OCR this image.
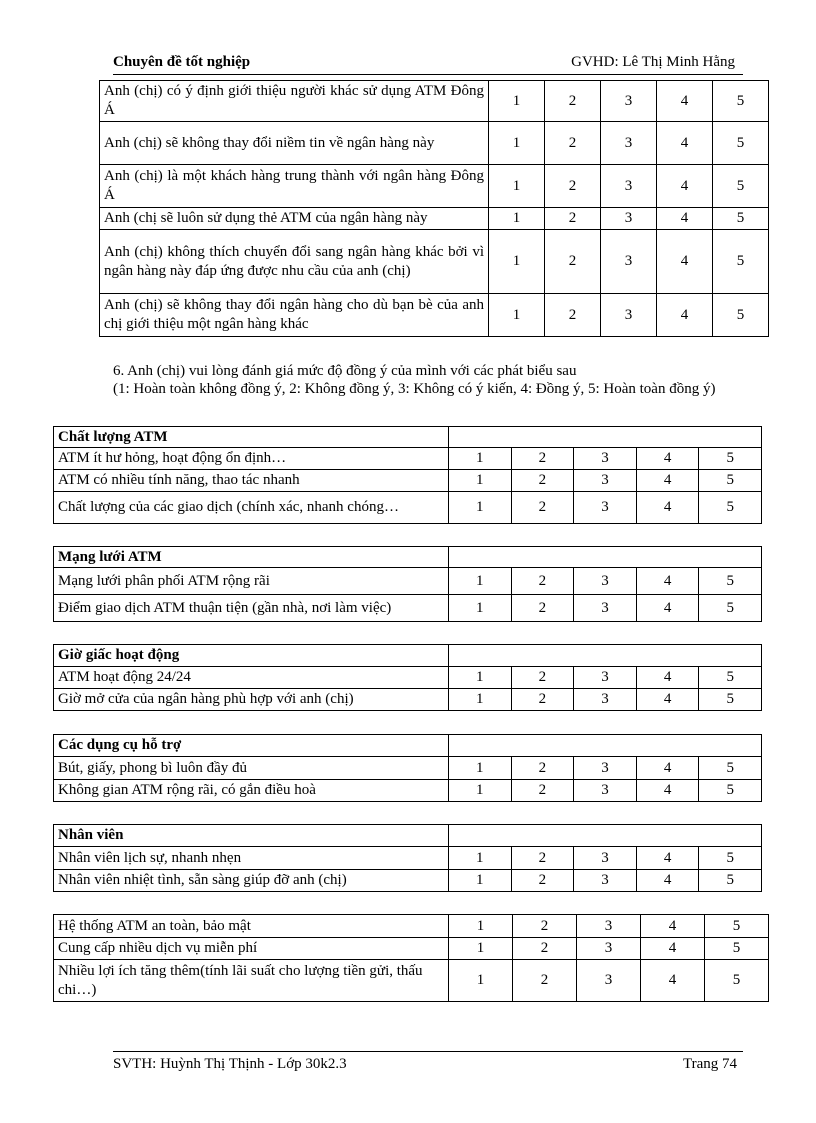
Chuyên đề tốt nghiệp	GVHD: Lê Thị Minh Hằng
Anh (chị) có ý định giới thiệu người khác sử dụng ATM Đông Á	1	2	3	4	5
Anh (chị) sẽ không thay đổi niềm tin về ngân hàng này	1	2	3	4	5
Anh (chị) là một khách hàng trung thành với ngân hàng Đông Á	1	2	3	4	5
Anh (chị sẽ luôn sử dụng thẻ ATM của ngân hàng này	1	2	3	4	5
Anh (chị) không thích chuyển đổi sang ngân hàng khác bởi vì ngân hàng này đáp ứng được nhu cầu của anh (chị)	1	2	3	4	5
Anh (chị) sẽ không thay đổi ngân hàng cho dù bạn bè của anh chị giới thiệu một ngân hàng khác	1	2	3	4	5
6. Anh (chị) vui lòng đánh giá mức độ đồng ý của mình với các phát biểu sau
(1: Hoàn toàn không đồng ý, 2: Không đồng ý, 3: Không có ý kiến, 4: Đồng ý, 5: Hoàn toàn đồng ý)
Chất lượng ATM					
ATM ít hư hỏng, hoạt động ổn định…	1	2	3	4	5
ATM có nhiều tính năng, thao tác nhanh	1	2	3	4	5
Chất lượng của các giao dịch (chính xác, nhanh chóng…	1	2	3	4	5
Mạng lưới ATM					
Mạng lưới phân phối ATM rộng rãi	1	2	3	4	5
Điểm giao dịch ATM thuận tiện (gần nhà, nơi làm việc)	1	2	3	4	5
Giờ giấc hoạt động					
ATM hoạt động 24/24	1	2	3	4	5
Giờ mở cửa của ngân hàng phù hợp với anh (chị)	1	2	3	4	5
Các dụng cụ hỗ trợ					
Bút, giấy, phong bì luôn đầy đủ	1	2	3	4	5
Không gian ATM rộng rãi, có gắn điều hoà	1	2	3	4	5
Nhân viên					
Nhân viên lịch sự, nhanh nhẹn	1	2	3	4	5
Nhân viên nhiệt tình, sẵn sàng giúp đỡ anh (chị)	1	2	3	4	5
Hệ thống ATM an toàn, bảo mật	1	2	3	4	5
Cung cấp nhiều dịch vụ miễn phí	1	2	3	4	5
Nhiều lợi ích tăng thêm(tính lãi suất cho lượng tiền gửi, thấu chi…)	1	2	3	4	5
SVTH: Huỳnh Thị Thịnh - Lớp 30k2.3	Trang 74
